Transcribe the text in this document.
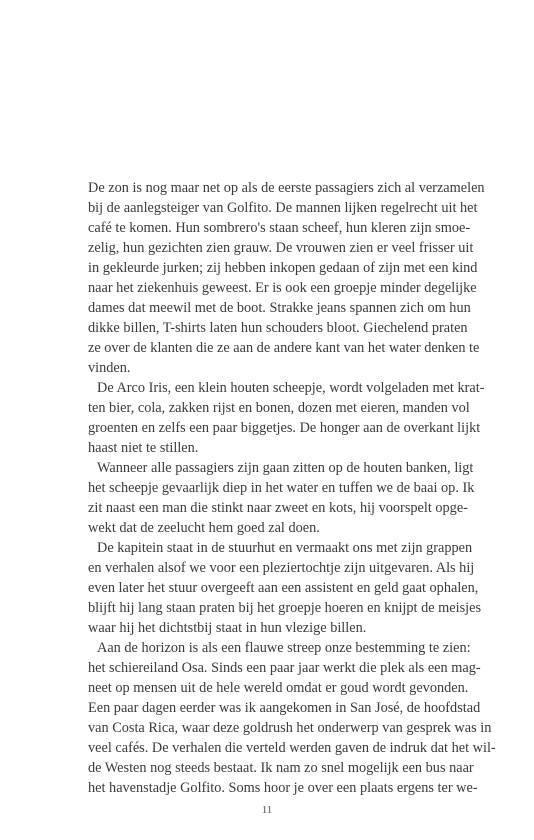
De zon is nog maar net op als de eerste passagiers zich al verzamelen
bij de aanlegsteiger van Golfito. De mannen lijken regelrecht uit het
café te komen. Hun sombrero's staan scheef, hun kleren zijn smoe-
zelig, hun gezichten zien grauw. De vrouwen zien er veel frisser uit
in gekleurde jurken; zij hebben inkopen gedaan of zijn met een kind
naar het ziekenhuis geweest. Er is ook een groepje minder degelijke
dames dat meewil met de boot. Strakke jeans spannen zich om hun
dikke billen, T-shirts laten hun schouders bloot. Giechelend praten
ze over de klanten die ze aan de andere kant van het water denken te
vinden.
De Arco Iris, een klein houten scheepje, wordt volgeladen met krat-
ten bier, cola, zakken rijst en bonen, dozen met eieren, manden vol
groenten en zelfs een paar biggetjes. De honger aan de overkant lijkt
haast niet te stillen.
Wanneer alle passagiers zijn gaan zitten op de houten banken, ligt
het scheepje gevaarlijk diep in het water en tuffen we de baai op. Ik
zit naast een man die stinkt naar zweet en kots, hij voorspelt opge-
wekt dat de zeelucht hem goed zal doen.
De kapitein staat in de stuurhut en vermaakt ons met zijn grappen
en verhalen alsof we voor een pleziertochtje zijn uitgevaren. Als hij
even later het stuur overgeeft aan een assistent en geld gaat ophalen,
blijft hij lang staan praten bij het groepje hoeren en knijpt de meisjes
waar hij het dichtstbij staat in hun vlezige billen.
Aan de horizon is als een flauwe streep onze bestemming te zien:
het schiereiland Osa. Sinds een paar jaar werkt die plek als een mag-
neet op mensen uit de hele wereld omdat er goud wordt gevonden.
Een paar dagen eerder was ik aangekomen in San José, de hoofdstad
van Costa Rica, waar deze goldrush het onderwerp van gesprek was in
veel cafés. De verhalen die verteld werden gaven de indruk dat het wil-
de Westen nog steeds bestaat. Ik nam zo snel mogelijk een bus naar
het havenstadje Golfito. Soms hoor je over een plaats ergens ter we-
11
